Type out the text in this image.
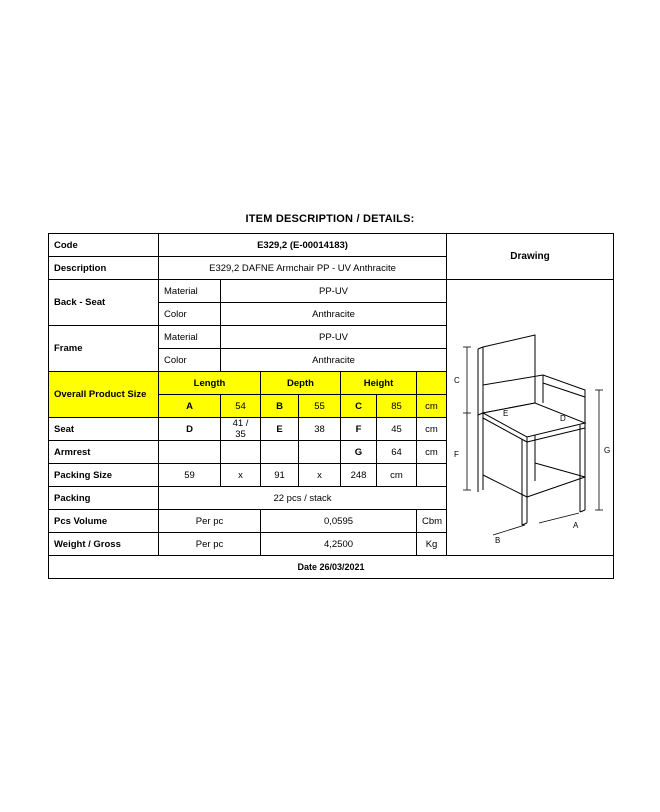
ITEM DESCRIPTION / DETAILS:
Code	E329,2 (E-00014183)							Drawing
Description	E329,2 DAFNE Armchair PP - UV Anthracite							
Back - Seat	Material	PP-UV	
C
F	G
E
D
B
A

	Color	Anthracite						
Frame	Material	PP-UV						
	Color	Anthracite						
Overall Product Size	Length		Depth		Height			
	A	54	B	55	C	85	cm	
Seat	D	41 / 35	E	38	F	45	cm	
Armrest					G	64	cm	
Packing Size	59	x	91	x	248	cm		
Packing	22 pcs / stack							
Pcs Volume	Per pc		0,0595				Cbm	
Weight / Gross	Per pc		4,2500				Kg	
Date 26/03/2021								
